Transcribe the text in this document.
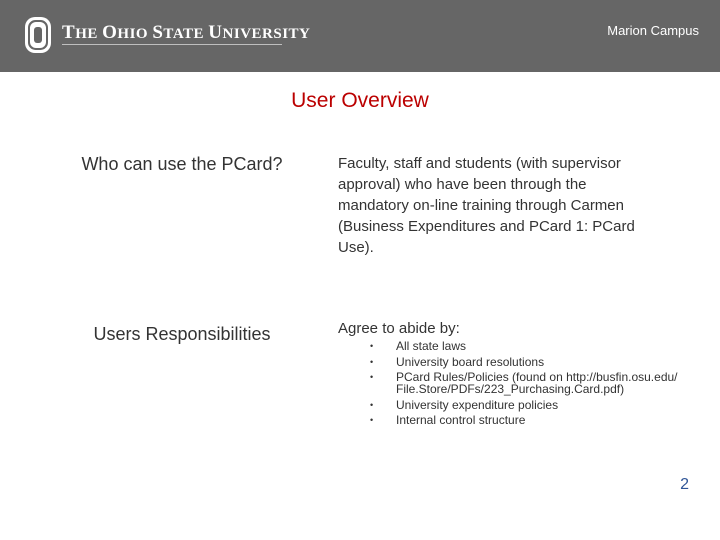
THE OHIO STATE UNIVERSITY	Marion Campus
User Overview
Who can use the PCard?	Faculty, staff and students (with supervisor approval) who have been through the mandatory on-line training through Carmen (Business Expenditures and PCard 1: PCard Use).
Users Responsibilities	Agree to abide by:
• All state laws
• University board resolutions
• PCard Rules/Policies (found on http://busfin.osu.edu/File.Store/PDFs/223_Purchasing.Card.pdf)
• University expenditure policies
• Internal control structure
2
